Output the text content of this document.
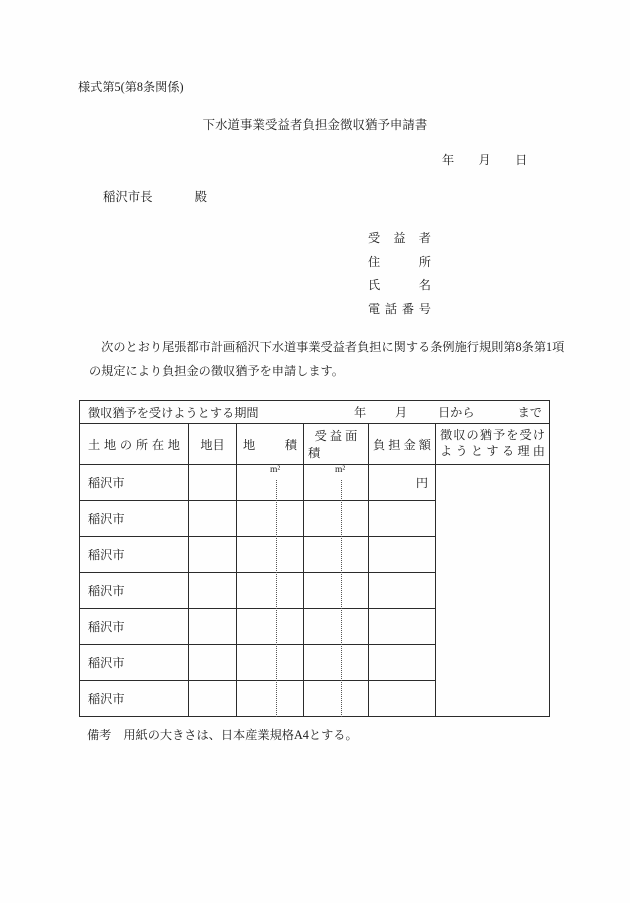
様式第5(第8条関係)
下水道事業受益者負担金徴収猶予申請書
年　　月　　日
稲沢市長	殿
受 益 者
住 所
氏 名
電話番号

　次のとおり尾張都市計画稲沢下水道事業受益者負担に関する条例施行規則第8条第1項
の規定により負担金の徴収猶予を申請します。

徴収猶予を受けようとする期間 年 月 日から まで					

土 地 の 所 在 地	地目	地 積	受 益 面 積	負 担 金 額	徴収の猶予を受け
ようとする理由

稲沢市		m²	m²	円	
稲沢市					
稲沢市					
稲沢市					
稲沢市					
稲沢市					
稲沢市					
備考 用紙の大きさは、日本産業規格A4とする。
